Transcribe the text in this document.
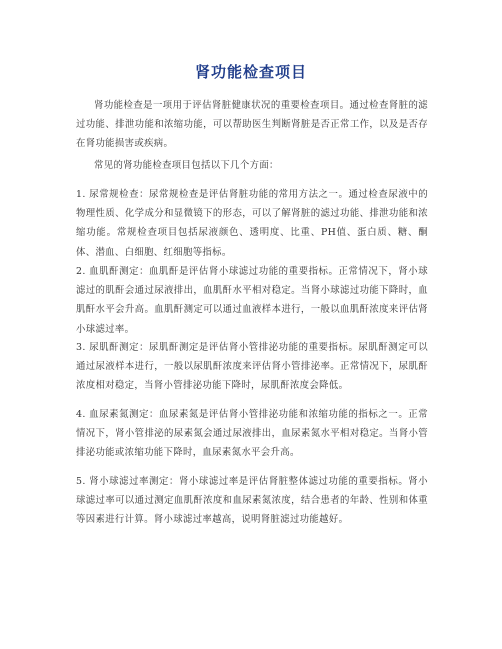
肾功能检查项目

肾功能检查是一项用于评估肾脏健康状况的重要检查项目。通过检查肾脏的滤过功能、排泄功能和浓缩功能，可以帮助医生判断肾脏是否正常工作，以及是否存在肾功能损害或疾病。

常见的肾功能检查项目包括以下几个方面：

1. 尿常规检查：尿常规检查是评估肾脏功能的常用方法之一。通过检查尿液中的物理性质、化学成分和显微镜下的形态，可以了解肾脏的滤过功能、排泄功能和浓缩功能。常规检查项目包括尿液颜色、透明度、比重、PH值、蛋白质、糖、酮体、潜血、白细胞、红细胞等指标。

2. 血肌酐测定：血肌酐是评估肾小球滤过功能的重要指标。正常情况下，肾小球滤过的肌酐会通过尿液排出，血肌酐水平相对稳定。当肾小球滤过功能下降时，血肌酐水平会升高。血肌酐测定可以通过血液样本进行，一般以血肌酐浓度来评估肾小球滤过率。

3. 尿肌酐测定：尿肌酐测定是评估肾小管排泌功能的重要指标。尿肌酐测定可以通过尿液样本进行，一般以尿肌酐浓度来评估肾小管排泌率。正常情况下，尿肌酐浓度相对稳定，当肾小管排泌功能下降时，尿肌酐浓度会降低。

4. 血尿素氮测定：血尿素氮是评估肾小管排泌功能和浓缩功能的指标之一。正常情况下，肾小管排泌的尿素氮会通过尿液排出，血尿素氮水平相对稳定。当肾小管排泌功能或浓缩功能下降时，血尿素氮水平会升高。

5. 肾小球滤过率测定：肾小球滤过率是评估肾脏整体滤过功能的重要指标。肾小球滤过率可以通过测定血肌酐浓度和血尿素氮浓度，结合患者的年龄、性别和体重等因素进行计算。肾小球滤过率越高，说明肾脏滤过功能越好。
